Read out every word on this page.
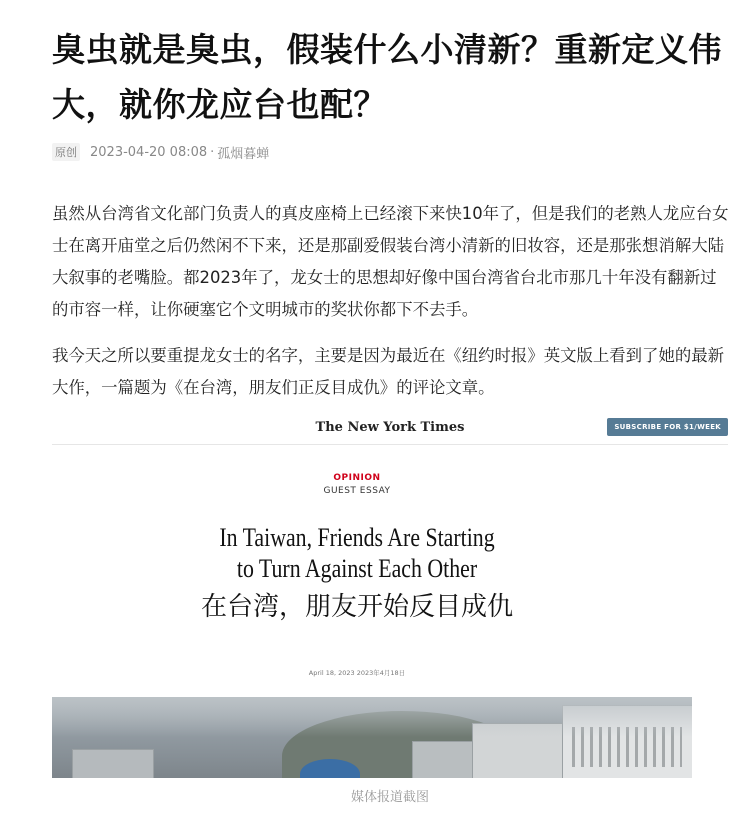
臭虫就是臭虫，假装什么小清新？重新定义伟大，就你龙应台也配？
原创 2023-04-20 08:08 · 孤烟暮蝉

虽然从台湾省文化部门负责人的真皮座椅上已经滚下来快10年了，但是我们的老熟人龙应台女士在离开庙堂之后仍然闲不下来，还是那副爱假装台湾小清新的旧妆容，还是那张想消解大陆大叙事的老嘴脸。都2023年了，龙女士的思想却好像中国台湾省台北市那几十年没有翻新过的市容一样，让你硬塞它个文明城市的奖状你都下不去手。

我今天之所以要重提龙女士的名字，主要是因为最近在《纽约时报》英文版上看到了她的最新大作，一篇题为《在台湾，朋友们正反目成仇》的评论文章。

The New York Times	SUBSCRIBE FOR $1/WEEK
OPINION
GUEST ESSAY
In Taiwan, Friends Are Starting to Turn Against Each Other
在台湾，朋友开始反目成仇
April 18, 2023 2023年4月18日
媒体报道截图
